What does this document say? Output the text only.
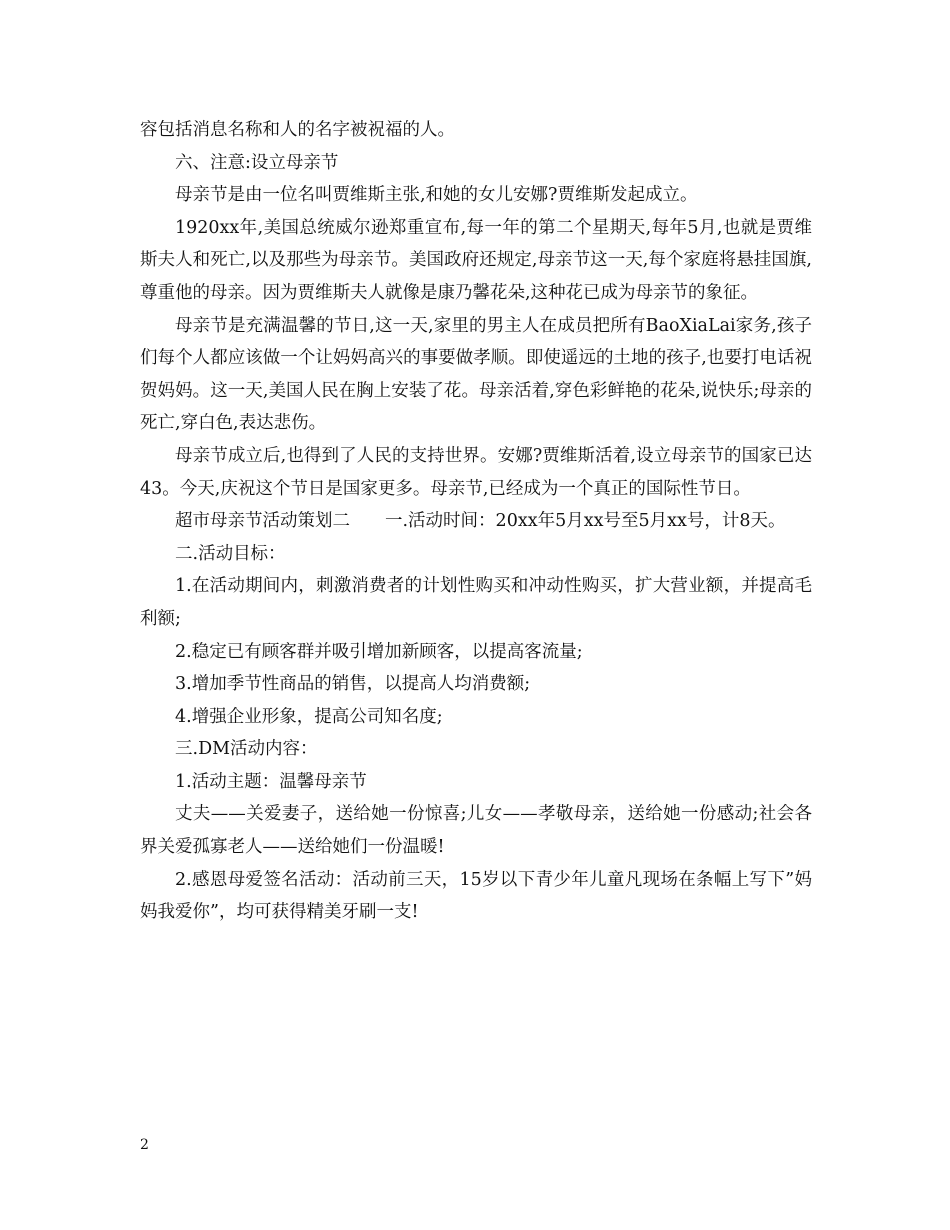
容包括消息名称和人的名字被祝福的人。

六、注意:设立母亲节

母亲节是由一位名叫贾维斯主张,和她的女儿安娜?贾维斯发起成立。

1920xx年,美国总统威尔逊郑重宣布,每一年的第二个星期天,每年5月,也就是贾维斯夫人和死亡,以及那些为母亲节。美国政府还规定,母亲节这一天,每个家庭将悬挂国旗,尊重他的母亲。因为贾维斯夫人就像是康乃馨花朵,这种花已成为母亲节的象征。

母亲节是充满温馨的节日,这一天,家里的男主人在成员把所有BaoXiaLai家务,孩子们每个人都应该做一个让妈妈高兴的事要做孝顺。即使遥远的土地的孩子,也要打电话祝贺妈妈。这一天,美国人民在胸上安装了花。母亲活着,穿色彩鲜艳的花朵,说快乐;母亲的死亡,穿白色,表达悲伤。

母亲节成立后,也得到了人民的支持世界。安娜?贾维斯活着,设立母亲节的国家已达43。今天,庆祝这个节日是国家更多。母亲节,已经成为一个真正的国际性节日。

超市母亲节活动策划二　　一.活动时间：20xx年5月xx号至5月xx号，计8天。

二.活动目标：

1.在活动期间内，刺激消费者的计划性购买和冲动性购买，扩大营业额，并提高毛利额;

2.稳定已有顾客群并吸引增加新顾客，以提高客流量;

3.增加季节性商品的销售，以提高人均消费额;

4.增强企业形象，提高公司知名度;

三.DM活动内容：

1.活动主题：温馨母亲节

丈夫——关爱妻子，送给她一份惊喜;儿女——孝敬母亲，送给她一份感动;社会各界关爱孤寡老人——送给她们一份温暖!

2.感恩母爱签名活动：活动前三天，15岁以下青少年儿童凡现场在条幅上写下”妈妈我爱你”，均可获得精美牙刷一支!

2
